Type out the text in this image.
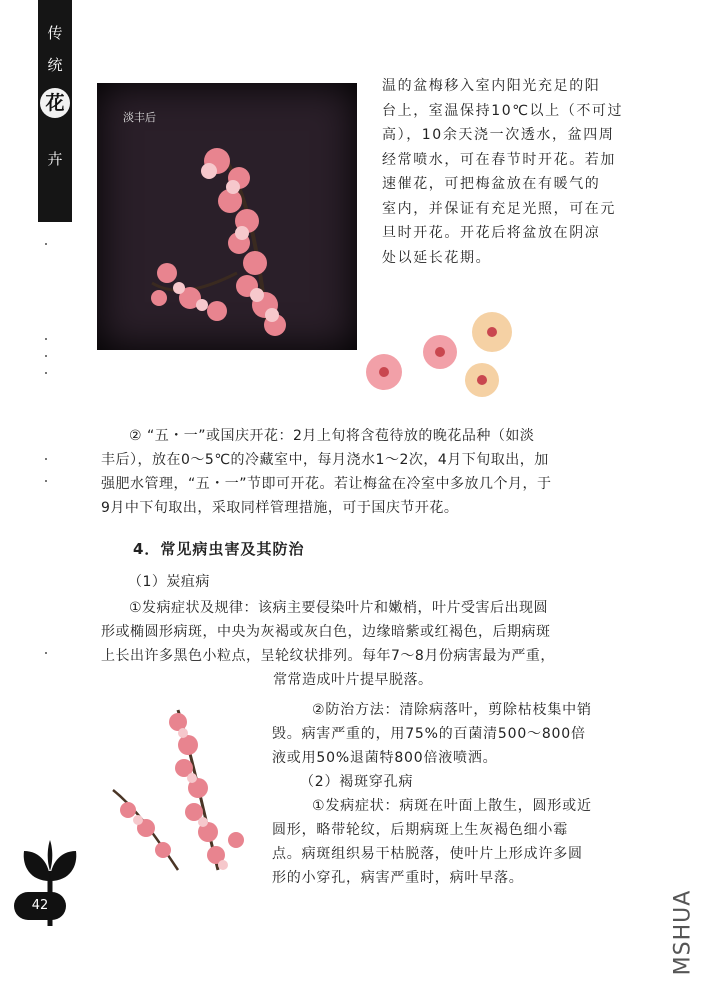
传
统
花
卉
淡丰后
温的盆梅移入室内阳光充足的阳
台上，室温保持10℃以上（不可过
高），10余天浇一次透水，盆四周
经常喷水，可在春节时开花。若加
速催花，可把梅盆放在有暖气的
室内，并保证有充足光照，可在元
旦时开花。开花后将盆放在阴凉
处以延长花期。
② “五・一”或国庆开花：2月上旬将含苞待放的晚花品种（如淡
丰后），放在0～5℃的冷藏室中，每月浇水1～2次，4月下旬取出，加
强肥水管理，“五・一”节即可开花。若让梅盆在冷室中多放几个月，于
9月中下旬取出，采取同样管理措施，可于国庆节开花。
4．常见病虫害及其防治
（1）炭疽病
①发病症状及规律：该病主要侵染叶片和嫩梢，叶片受害后出现圆
形或椭圆形病斑，中央为灰褐或灰白色，边缘暗紫或红褐色，后期病斑
上长出许多黑色小粒点，呈轮纹状排列。每年7～8月份病害最为严重，
常常造成叶片提早脱落。
②防治方法：清除病落叶，剪除枯枝集中销
毁。病害严重的，用75%的百菌清500～800倍
液或用50%退菌特800倍液喷洒。
（2）褐斑穿孔病
①发病症状：病斑在叶面上散生，圆形或近
圆形，略带轮纹，后期病斑上生灰褐色细小霉
点。病斑组织易干枯脱落，使叶片上形成许多圆
形的小穿孔，病害严重时，病叶早落。
42	MSHUA
